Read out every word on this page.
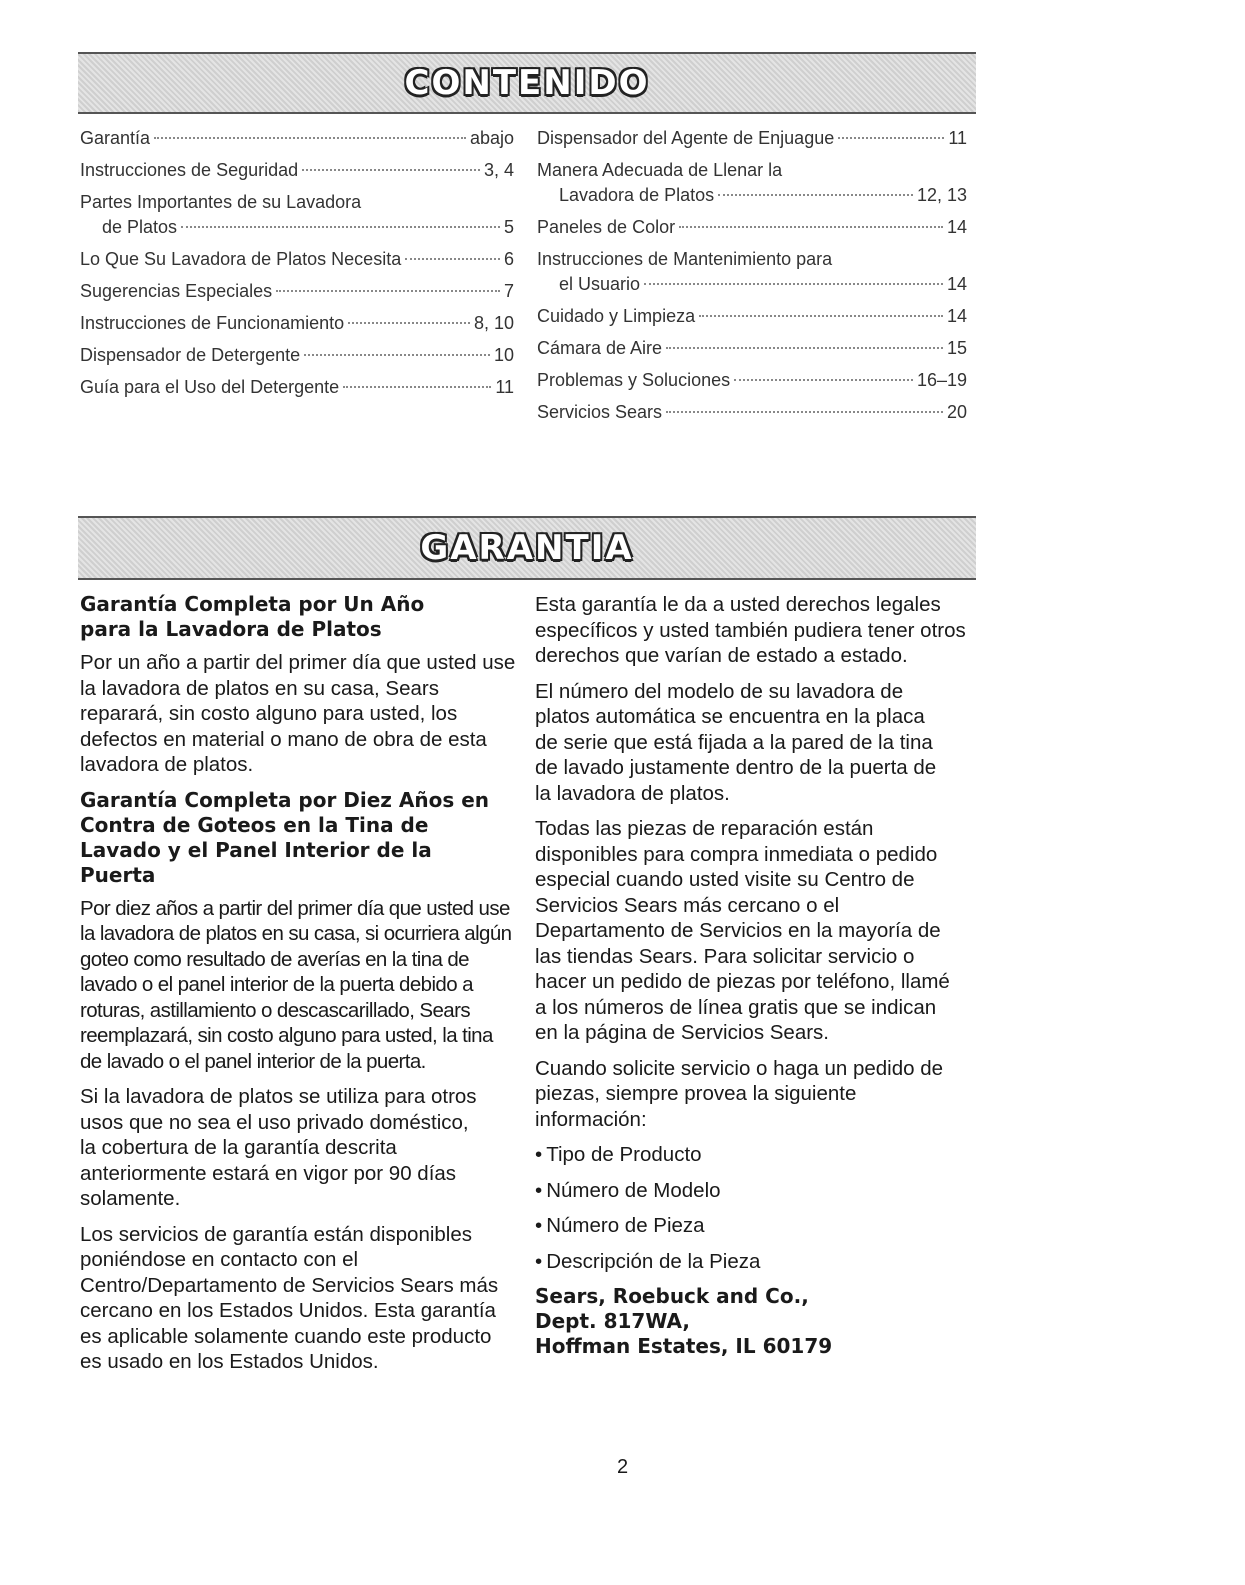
CONTENIDO
Garantía	abajo
Instrucciones de Seguridad	3, 4
Partes Importantes de su Lavadora
de Platos	5
Lo Que Su Lavadora de Platos Necesita	6
Sugerencias Especiales	7
Instrucciones de Funcionamiento	8, 10
Dispensador de Detergente	10
Guía para el Uso del Detergente	11
Dispensador del Agente de Enjuague	11
Manera Adecuada de Llenar la
Lavadora de Platos	12, 13
Paneles de Color	14
Instrucciones de Mantenimiento para
el Usuario	14
Cuidado y Limpieza	14
Cámara de Aire	15
Problemas y Soluciones	16–19
Servicios Sears	20
GARANTIA
Garantía Completa por Un Año para la Lavadora de Platos

Por un año a partir del primer día que usted use la lavadora de platos en su casa, Sears reparará, sin costo alguno para usted, los defectos en material o mano de obra de esta lavadora de platos.

Garantía Completa por Diez Años en Contra de Goteos en la Tina de Lavado y el Panel Interior de la Puerta

Por diez años a partir del primer día que usted use la lavadora de platos en su casa, si ocurriera algún goteo como resultado de averías en la tina de lavado o el panel interior de la puerta debido a roturas, astillamiento o descascarillado, Sears reemplazará, sin costo alguno para usted, la tina de lavado o el panel interior de la puerta.

Si la lavadora de platos se utiliza para otros usos que no sea el uso privado doméstico, la cobertura de la garantía descrita anteriormente estará en vigor por 90 días solamente.

Los servicios de garantía están disponibles poniéndose en contacto con el Centro/Departamento de Servicios Sears más cercano en los Estados Unidos. Esta garantía es aplicable solamente cuando este producto es usado en los Estados Unidos.

Esta garantía le da a usted derechos legales específicos y usted también pudiera tener otros derechos que varían de estado a estado.

El número del modelo de su lavadora de platos automática se encuentra en la placa de serie que está fijada a la pared de la tina de lavado justamente dentro de la puerta de la lavadora de platos.

Todas las piezas de reparación están disponibles para compra inmediata o pedido especial cuando usted visite su Centro de Servicios Sears más cercano o el Departamento de Servicios en la mayoría de las tiendas Sears. Para solicitar servicio o hacer un pedido de piezas por teléfono, llamé a los números de línea gratis que se indican en la página de Servicios Sears.

Cuando solicite servicio o haga un pedido de piezas, siempre provea la siguiente información:

• Tipo de Producto
• Número de Modelo
• Número de Pieza
• Descripción de la Pieza
Sears, Roebuck and Co.,
Dept. 817WA,
Hoffman Estates, IL 60179
2
